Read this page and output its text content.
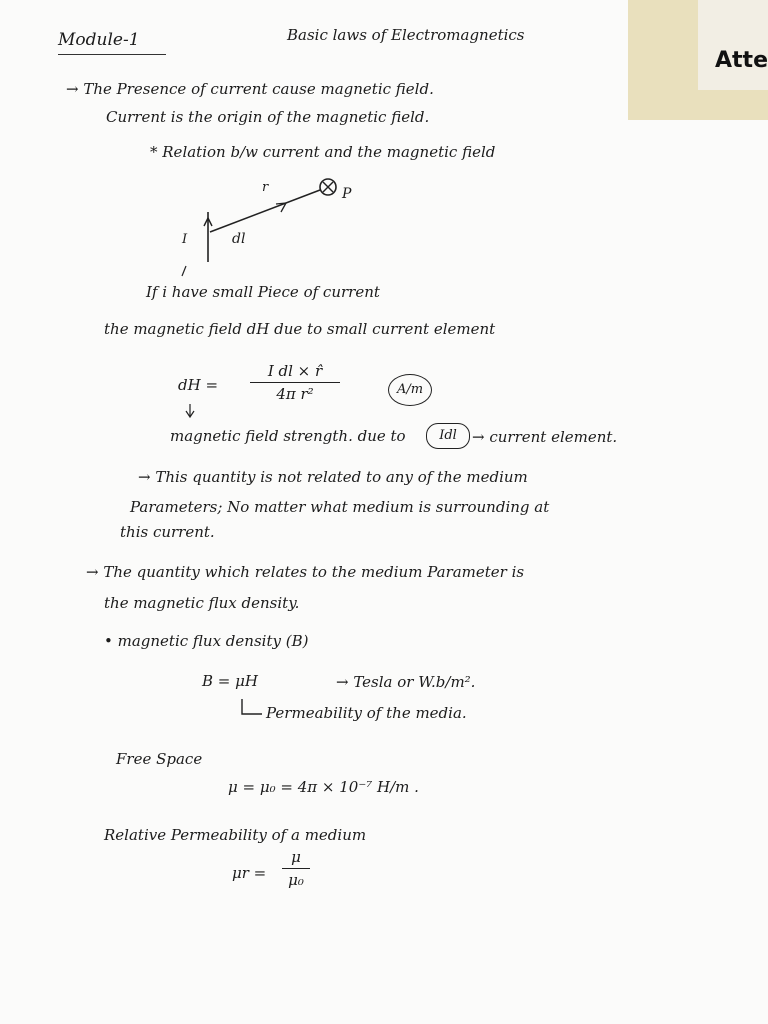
Atte
Module-1	Basic laws of Electromagnetics
→ The Presence of current cause magnetic field.
Current is the origin of the magnetic field.
* Relation b/w current and the magnetic field
r	P
I	dl
If i have small Piece of current
the magnetic field dH due to small current element
dH =
I dl × r̂
4π r²	A/m
magnetic field strength. due to	Idl	→ current element.
→ This quantity is not related to any of the medium
Parameters; No matter what medium is surrounding at
this current.
→ The quantity which relates to the medium Parameter is
the magnetic flux density.
• magnetic flux density (B)
B = μH	→ Tesla or W.b/m².
Permeability of the media.
Free Space
μ = μ₀ = 4π × 10⁻⁷ H/m .
Relative Permeability of a medium
μr =
μ
μ₀
